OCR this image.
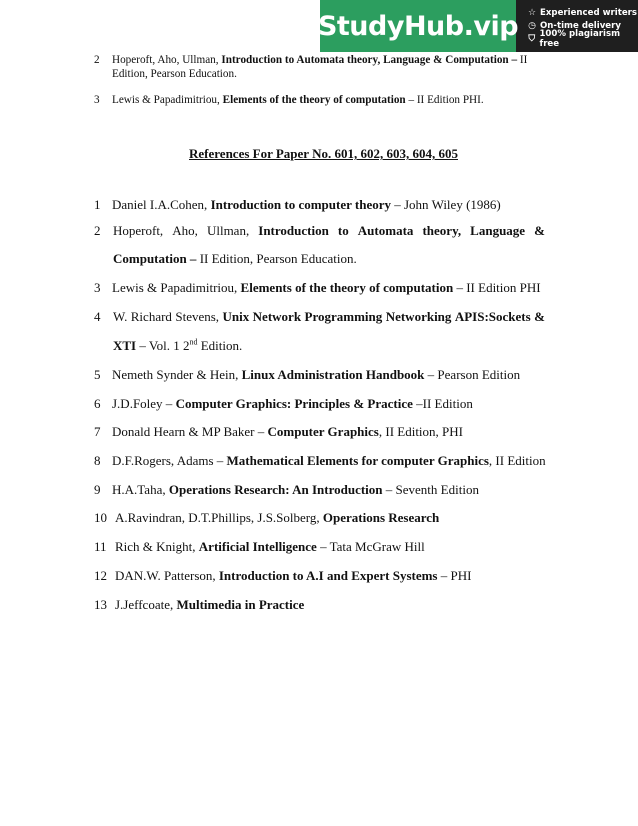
StudyHub.vip ☆ Experienced writers
◷ On-time delivery
⛉ 100% plagiarism free
2 Hoperoft, Aho, Ullman, Introduction to Automata theory, Language & Computation – II
Edition, Pearson Education.
3 Lewis & Papadimitriou, Elements of the theory of computation – II Edition PHI.
References For Paper No. 601, 602, 603, 604, 605
1 Daniel I.A.Cohen, Introduction to computer theory – John Wiley (1986)
2 Hoperoft, Aho, Ullman, Introduction to Automata theory, Language &
Computation – II Edition, Pearson Education.
3 Lewis & Papadimitriou, Elements of the theory of computation – II Edition PHI
4 W. Richard Stevens, Unix Network Programming Networking APIS:Sockets &
XTI – Vol. 1 2nd Edition.
5 Nemeth Synder & Hein, Linux Administration Handbook – Pearson Edition
6 J.D.Foley – Computer Graphics: Principles & Practice –II Edition
7 Donald Hearn & MP Baker – Computer Graphics, II Edition, PHI
8 D.F.Rogers, Adams – Mathematical Elements for computer Graphics, II Edition
9 H.A.Taha, Operations Research: An Introduction – Seventh Edition
10 A.Ravindran, D.T.Phillips, J.S.Solberg, Operations Research
11 Rich & Knight, Artificial Intelligence – Tata McGraw Hill
12 DAN.W. Patterson, Introduction to A.I and Expert Systems – PHI
13 J.Jeffcoate, Multimedia in Practice
